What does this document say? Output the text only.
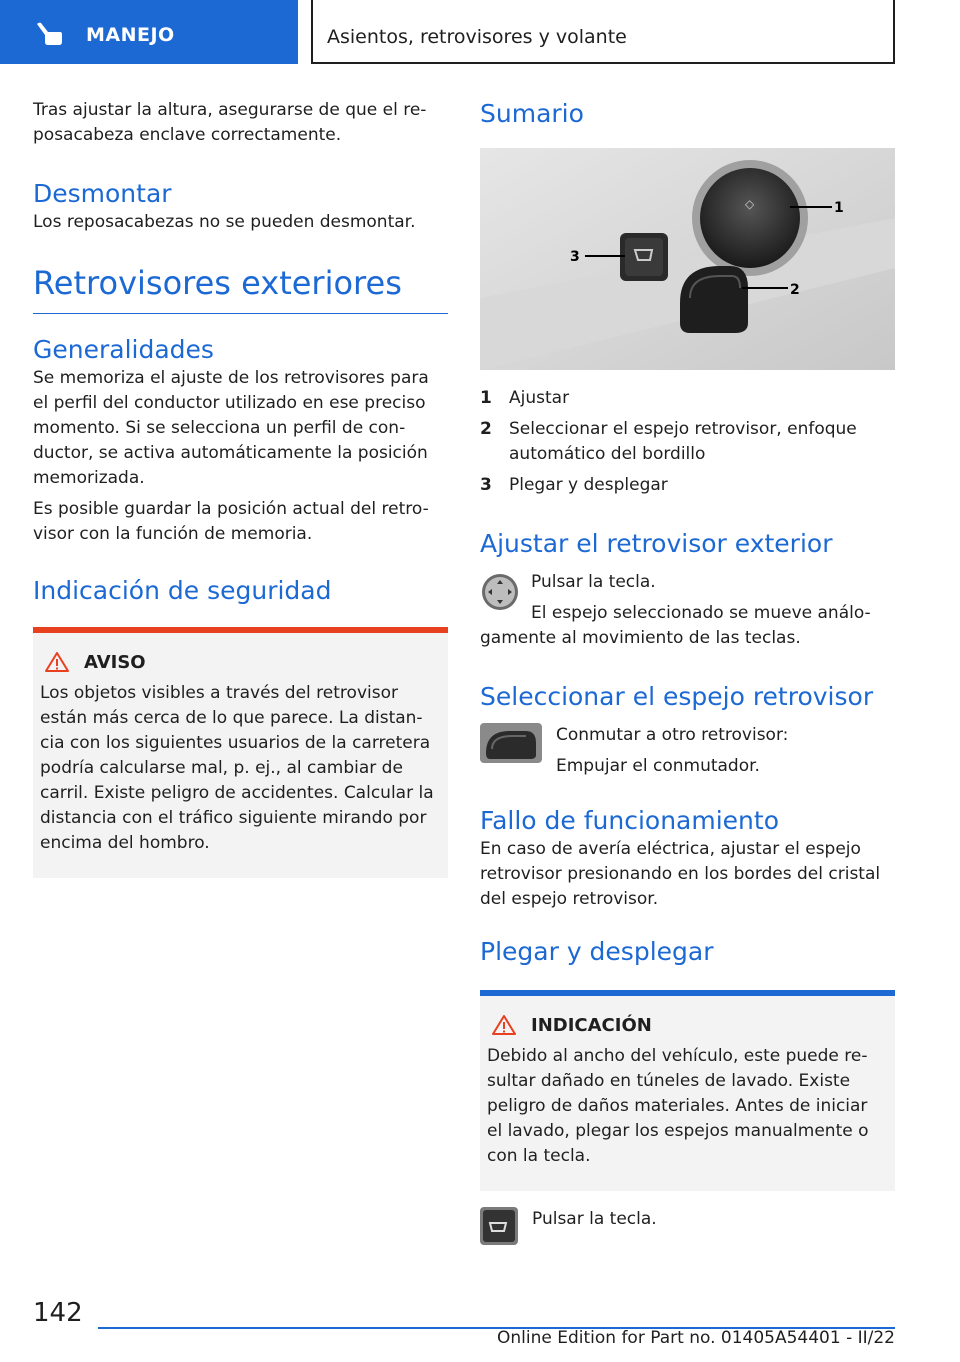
MANEJO	Asientos, retrovisores y volante

Tras ajustar la altura, asegurarse de que el re-posacabeza enclave correctamente.

Desmontar

Los reposacabezas no se pueden desmontar.

Retrovisores exteriores
Generalidades

Se memoriza el ajuste de los retrovisores para el perfil del conductor utilizado en ese preciso momento. Si se selecciona un perfil de con-ductor, se activa automáticamente la posición memorizada.

Es posible guardar la posición actual del retro-visor con la función de memoria.

Indicación de seguridad
AVISO

Los objetos visibles a través del retrovisor están más cerca de lo que parece. La distan-cia con los siguientes usuarios de la carretera podría calcularse mal, p. ej., al cambiar de carril. Existe peligro de accidentes. Calcular la distancia con el tráfico siguiente mirando por encima del hombro.

Sumario
◇	1
2
3
1	Ajustar
2	Seleccionar el espejo retrovisor, enfoque automático del bordillo
3	Plegar y desplegar
Ajustar el retrovisor exterior

Pulsar la tecla.

El espejo seleccionado se mueve análo-gamente al movimiento de las teclas.

Seleccionar el espejo retrovisor

Conmutar a otro retrovisor:

Empujar el conmutador.

Fallo de funcionamiento

En caso de avería eléctrica, ajustar el espejo retrovisor presionando en los bordes del cristal del espejo retrovisor.

Plegar y desplegar
INDICACIÓN

Debido al ancho del vehículo, este puede re-sultar dañado en túneles de lavado. Existe peligro de daños materiales. Antes de iniciar el lavado, plegar los espejos manualmente o con la tecla.

Pulsar la tecla.

142
Online Edition for Part no. 01405A54401 - II/22
